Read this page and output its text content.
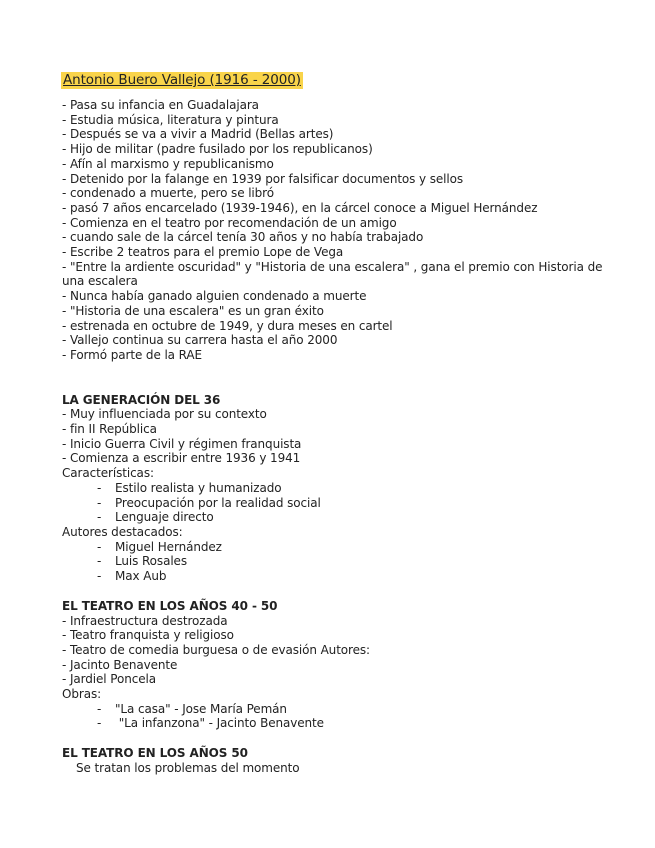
Antonio Buero Vallejo (1916 - 2000)

- Pasa su infancia en Guadalajara

- Estudia música, literatura y pintura

- Después se va a vivir a Madrid (Bellas artes)

- Hijo de militar (padre fusilado por los republicanos)

- Afín al marxismo y republicanismo

- Detenido por la falange en 1939 por falsificar documentos y sellos

- condenado a muerte, pero se libró

- pasó 7 años encarcelado (1939-1946), en la cárcel conoce a Miguel Hernández

- Comienza en el teatro por recomendación de un amigo

- cuando sale de la cárcel tenía 30 años y no había trabajado

- Escribe 2 teatros para el premio Lope de Vega

- "Entre la ardiente oscuridad" y "Historia de una escalera" , gana el premio con Historia de una escalera

- Nunca había ganado alguien condenado a muerte

- "Historia de una escalera" es un gran éxito

- estrenada en octubre de 1949, y dura meses en cartel

- Vallejo continua su carrera hasta el año 2000

- Formó parte de la RAE

LA GENERACIÓN DEL 36

- Muy influenciada por su contexto

- fin II República

- Inicio Guerra Civil y régimen franquista

- Comienza a escribir entre 1936 y 1941

Características:

- Estilo realista y humanizado

- Preocupación por la realidad social

- Lenguaje directo

Autores destacados:

- Miguel Hernández

- Luis Rosales

- Max Aub

EL TEATRO EN LOS AÑOS 40 - 50

- Infraestructura destrozada

- Teatro franquista y religioso

- Teatro de comedia burguesa o de evasión Autores:

- Jacinto Benavente

- Jardiel Poncela

Obras:

- "La casa" - Jose María Pemán

- "La infanzona" - Jacinto Benavente

EL TEATRO EN LOS AÑOS 50

Se tratan los problemas del momento
